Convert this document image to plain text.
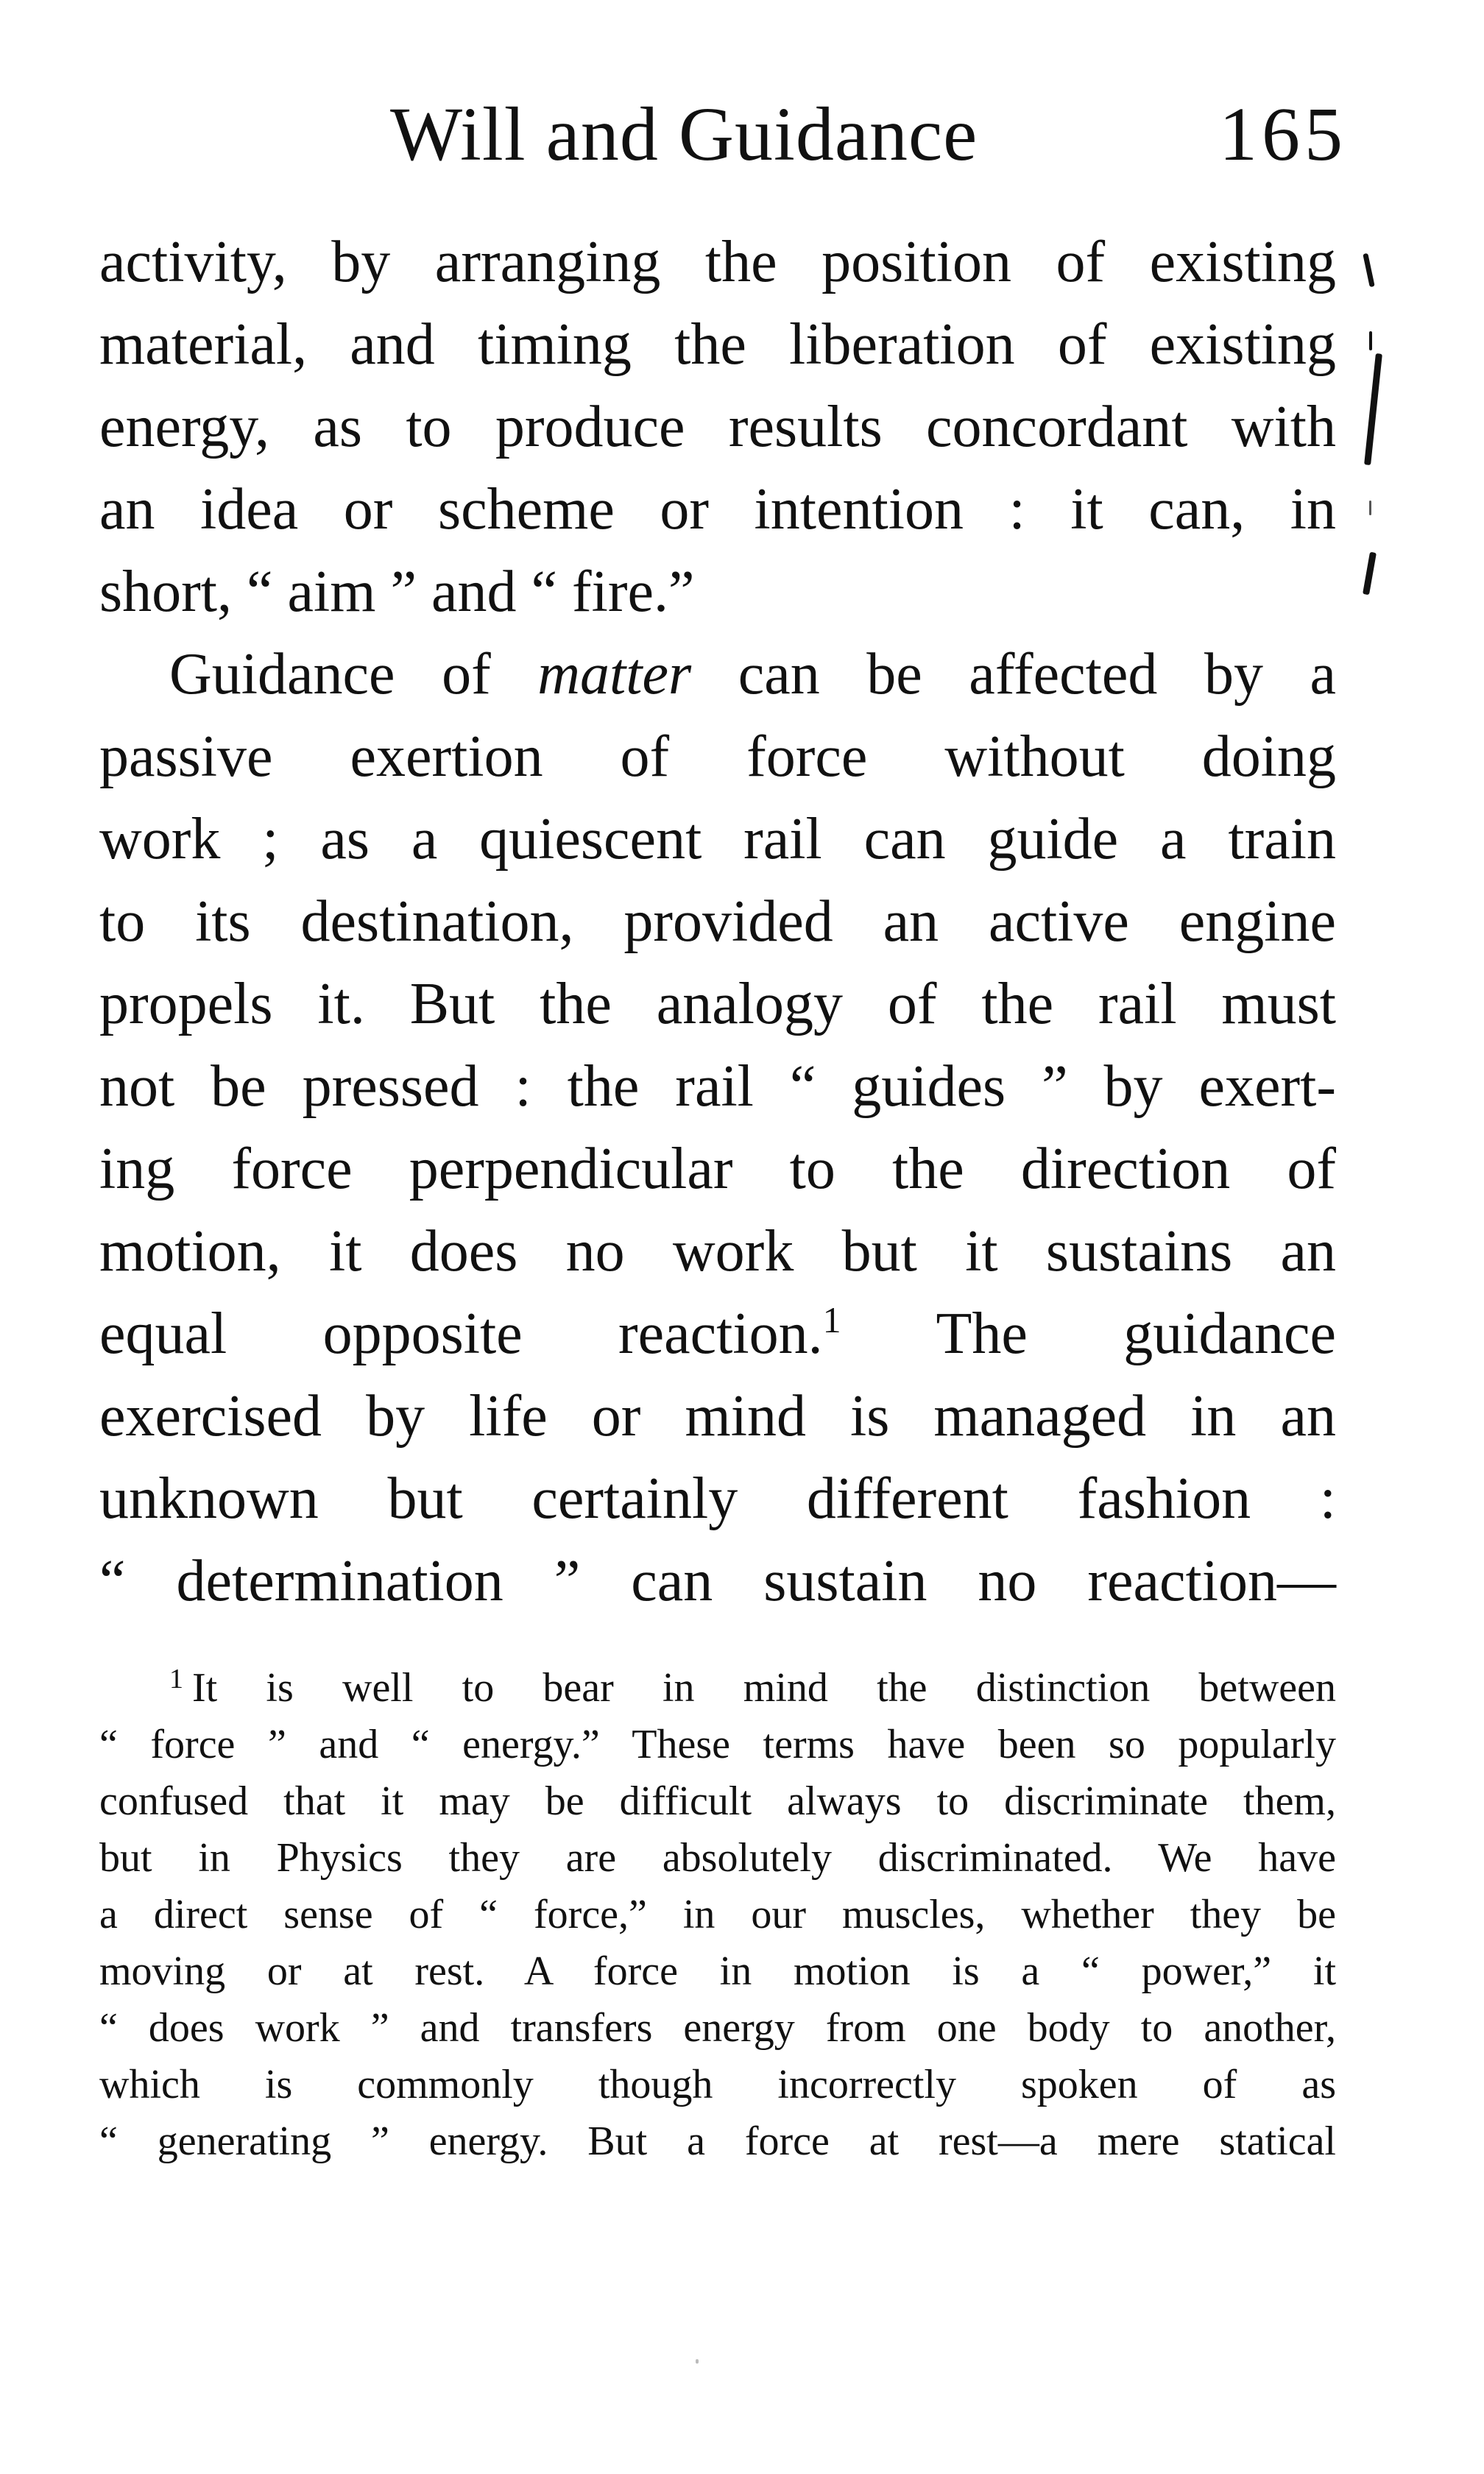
Will and Guidance	165
activity, by arranging the position of existing
material, and timing the liberation of existing
energy, as to produce results concordant with
an idea or scheme or intention : it can, in
short, “ aim ” and “ fire.”
Guidance of matter can be affected by a
passive exertion of force without doing
work ; as a quiescent rail can guide a train
to its destination, provided an active engine
propels it. But the analogy of the rail must
not be pressed : the rail “ guides ” by exert-
ing force perpendicular to the direction of
motion, it does no work but it sustains an
equal opposite reaction.$^1$ The guidance
exercised by life or mind is managed in an
unknown but certainly different fashion :
“ determination ” can sustain no reaction—
$^1$ It is well to bear in mind the distinction between
“ force ” and “ energy.” These terms have been so popularly
confused that it may be difficult always to discriminate them,
but in Physics they are absolutely discriminated. We have
a direct sense of “ force,” in our muscles, whether they be
moving or at rest. A force in motion is a “ power,” it
“ does work ” and transfers energy from one body to another,
which is commonly though incorrectly spoken of as
“ generating ” energy. But a force at rest—a mere statical
